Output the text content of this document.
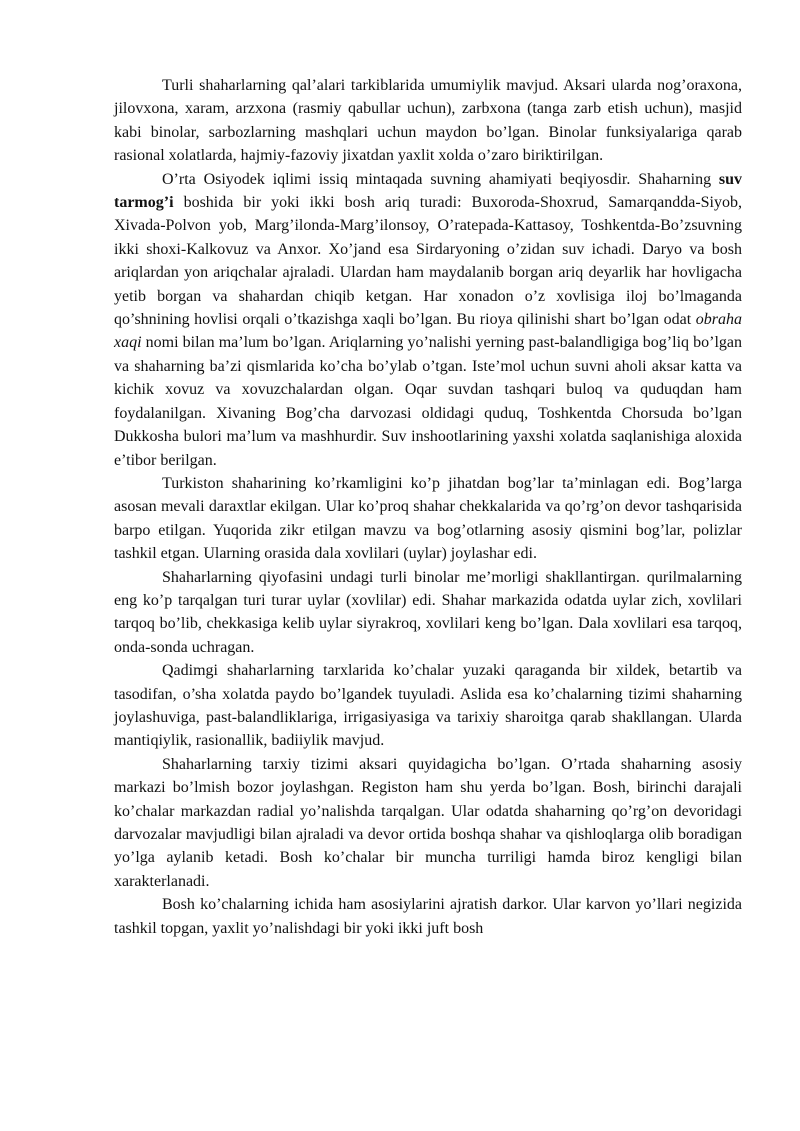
Turli shaharlarning qal’alari tarkiblarida umumiylik mavjud. Aksari ularda nog’oraxona, jilovxona, xaram, arzxona (rasmiy qabullar uchun), zarbxona (tanga zarb etish uchun), masjid kabi binolar, sarbozlarning mashqlari uchun maydon bo’lgan. Binolar funksiyalariga qarab rasional xolatlarda, hajmiy-fazoviy jixatdan yaxlit xolda o’zaro biriktirilgan.

O’rta Osiyodek iqlimi issiq mintaqada suvning ahamiyati beqiyosdir. Shaharning suv tarmog’i boshida bir yoki ikki bosh ariq turadi: Buxoroda-Shoxrud, Samarqandda-Siyob, Xivada-Polvon yob, Marg’ilonda-Marg’ilonsoy, O’ratepada-Kattasoy, Toshkentda-Bo’zsuvning ikki shoxi-Kalkovuz va Anxor. Xo’jand esa Sirdaryoning o’zidan suv ichadi. Daryo va bosh ariqlardan yon ariqchalar ajraladi. Ulardan ham maydalanib borgan ariq deyarlik har hovligacha yetib borgan va shahardan chiqib ketgan. Har xonadon o’z xovlisiga iloj bo’lmaganda qo’shnining hovlisi orqali o’tkazishga xaqli bo’lgan. Bu rioya qilinishi shart bo’lgan odat obraha xaqi nomi bilan ma’lum bo’lgan. Ariqlarning yo’nalishi yerning past-balandligiga bog’liq bo’lgan va shaharning ba’zi qismlarida ko’cha bo’ylab o’tgan. Iste’mol uchun suvni aholi aksar katta va kichik xovuz va xovuzchalardan olgan. Oqar suvdan tashqari buloq va quduqdan ham foydalanilgan. Xivaning Bog’cha darvozasi oldidagi quduq, Toshkentda Chorsuda bo’lgan Dukkosha bulori ma’lum va mashhurdir. Suv inshootlarining yaxshi xolatda saqlanishiga aloxida e’tibor berilgan.

Turkiston shaharining ko’rkamligini ko’p jihatdan bog’lar ta’minlagan edi. Bog’larga asosan mevali daraxtlar ekilgan. Ular ko’proq shahar chekkalarida va qo’rg’on devor tashqarisida barpo etilgan. Yuqorida zikr etilgan mavzu va bog’otlarning asosiy qismini bog’lar, polizlar tashkil etgan. Ularning orasida dala xovlilari (uylar) joylashar edi.

Shaharlarning qiyofasini undagi turli binolar me’morligi shakllantirgan. qurilmalarning eng ko’p tarqalgan turi turar uylar (xovlilar) edi. Shahar markazida odatda uylar zich, xovlilari tarqoq bo’lib, chekkasiga kelib uylar siyrakroq, xovlilari keng bo’lgan. Dala xovlilari esa tarqoq, onda-sonda uchragan.

Qadimgi shaharlarning tarxlarida ko’chalar yuzaki qaraganda bir xildek, betartib va tasodifan, o’sha xolatda paydo bo’lgandek tuyuladi. Aslida esa ko’chalarning tizimi shaharning joylashuviga, past-balandliklariga, irrigasiyasiga va tarixiy sharoitga qarab shakllangan. Ularda mantiqiylik, rasionallik, badiiylik mavjud.

Shaharlarning tarxiy tizimi aksari quyidagicha bo’lgan. O’rtada shaharning asosiy markazi bo’lmish bozor joylashgan. Registon ham shu yerda bo’lgan. Bosh, birinchi darajali ko’chalar markazdan radial yo’nalishda tarqalgan. Ular odatda shaharning qo’rg’on devoridagi darvozalar mavjudligi bilan ajraladi va devor ortida boshqa shahar va qishloqlarga olib boradigan yo’lga aylanib ketadi. Bosh ko’chalar bir muncha turriligi hamda biroz kengligi bilan xarakterlanadi.

Bosh ko’chalarning ichida ham asosiylarini ajratish darkor. Ular karvon yo’llari negizida tashkil topgan, yaxlit yo’nalishdagi bir yoki ikki juft bosh
